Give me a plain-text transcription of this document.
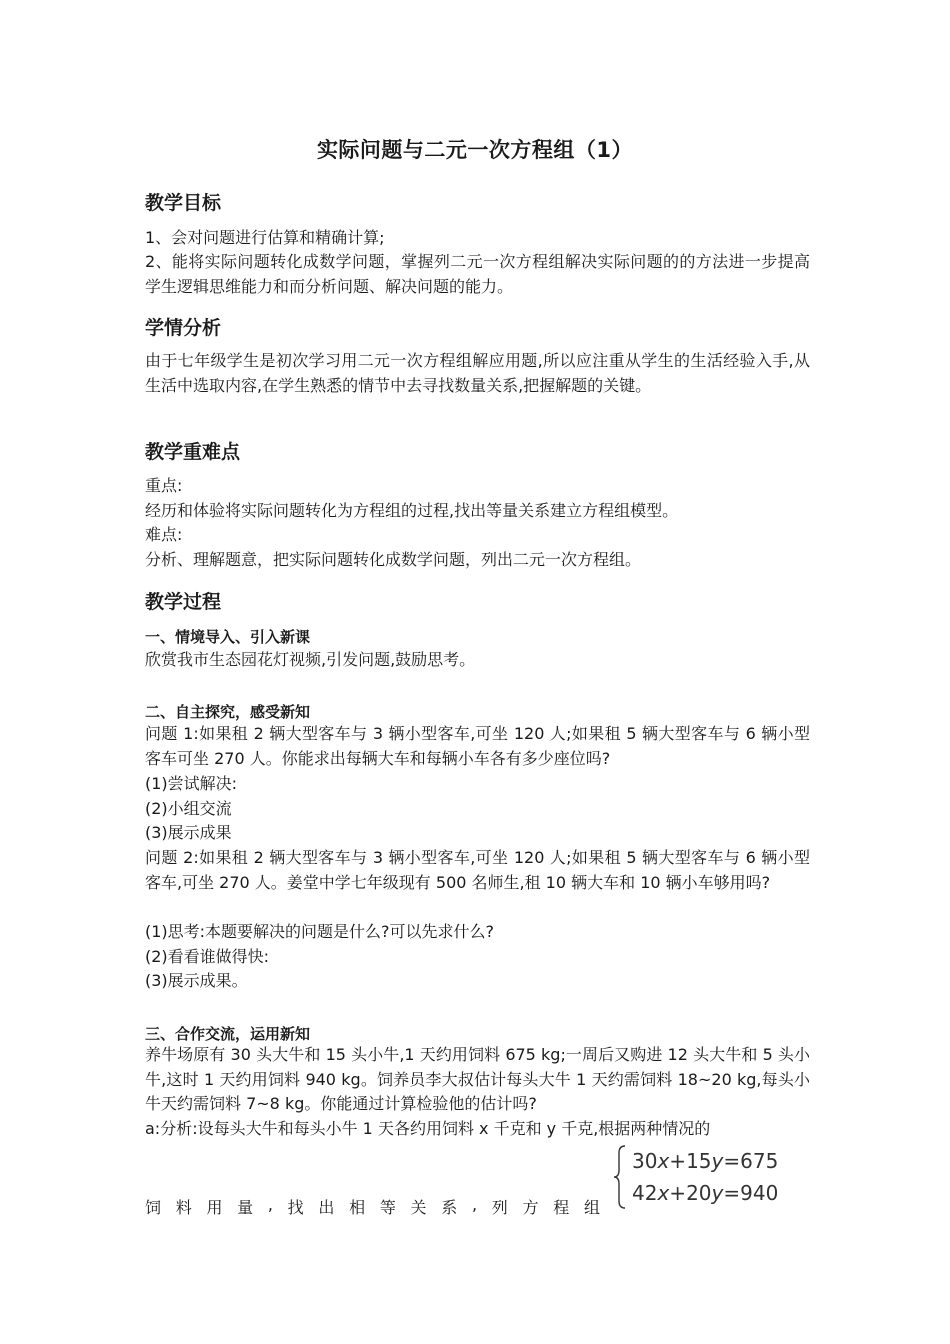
实际问题与二元一次方程组（1）
教学目标
1、会对问题进行估算和精确计算;
2、能将实际问题转化成数学问题，掌握列二元一次方程组解决实际问题的的方法进一步提高学生逻辑思维能力和而分析问题、解决问题的能力。
学情分析
由于七年级学生是初次学习用二元一次方程组解应用题,所以应注重从学生的生活经验入手,从生活中选取内容,在学生熟悉的情节中去寻找数量关系,把握解题的关键。
教学重难点
重点:
经历和体验将实际问题转化为方程组的过程,找出等量关系建立方程组模型。
难点:
分析、理解题意，把实际问题转化成数学问题，列出二元一次方程组。
教学过程
一、情境导入、引入新课
欣赏我市生态园花灯视频,引发问题,鼓励思考。
二、自主探究，感受新知
问题 1:如果租 2 辆大型客车与 3 辆小型客车,可坐 120 人;如果租 5 辆大型客车与 6 辆小型客车可坐 270 人。你能求出每辆大车和每辆小车各有多少座位吗?
(1)尝试解决:
(2)小组交流
(3)展示成果
问题 2:如果租 2 辆大型客车与 3 辆小型客车,可坐 120 人;如果租 5 辆大型客车与 6 辆小型客车,可坐 270 人。姜堂中学七年级现有 500 名师生,租 10 辆大车和 10 辆小车够用吗?
(1)思考:本题要解决的问题是什么?可以先求什么?
(2)看看谁做得快:
(3)展示成果。
三、合作交流，运用新知
养牛场原有 30 头大牛和 15 头小牛,1 天约用饲料 675 kg;一周后又购进 12 头大牛和 5 头小牛,这时 1 天约用饲料 940 kg。饲养员李大叔估计每头大牛 1 天约需饲料 18~20 kg,每头小牛天约需饲料 7~8 kg。你能通过计算检验他的估计吗?
a:分析:设每头大牛和每头小牛 1 天各约用饲料 x 千克和 y 千克,根据两种情况的
饲 料 用 量 , 找 出 相 等 关 系 , 列 方 程 组
30x+15y=675
42x+20y=940
